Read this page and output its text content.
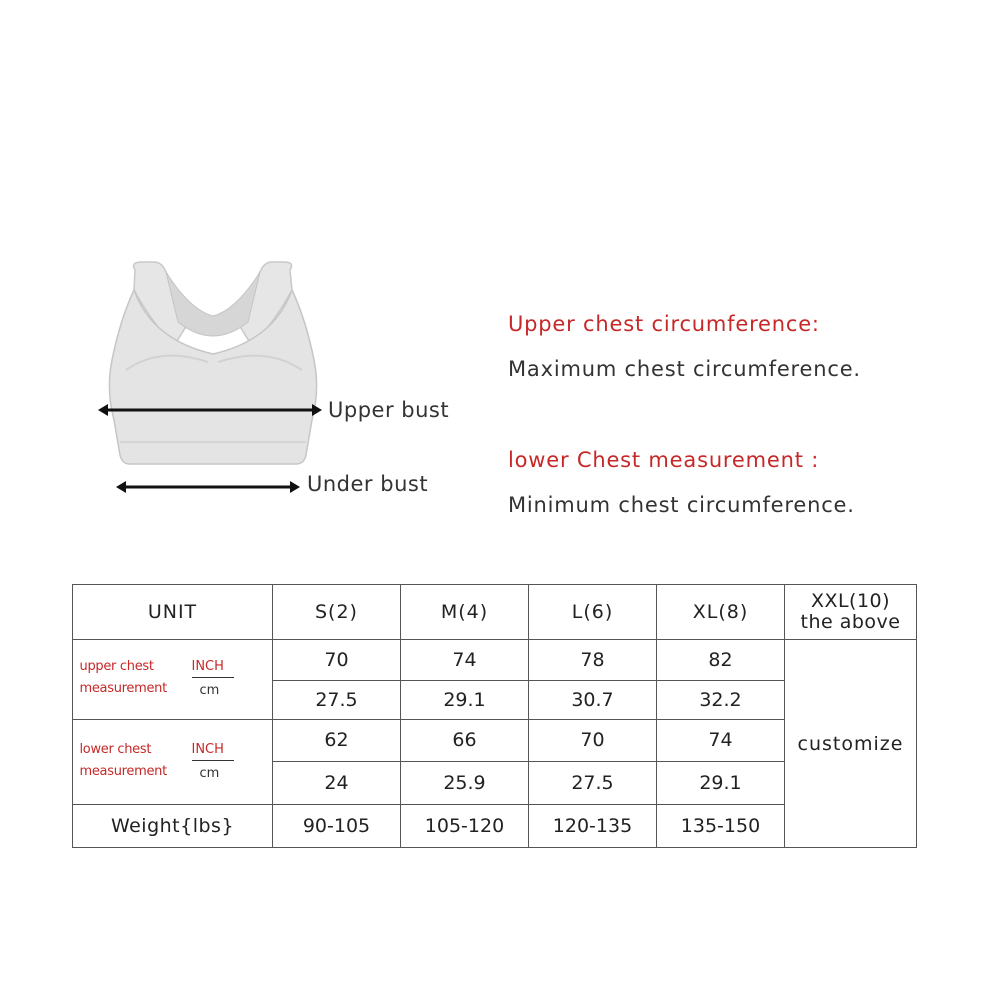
Upper bust
Under bust
Upper chest circumference:
Maximum chest circumference.
lower Chest measurement :
Minimum chest circumference.
UNIT	S(2)	M(4)	L(6)	XL(8)	XXL(10)
the above

upper chest
measurement
INCH
cm	70	74	78	82	customize
	27.5	29.1	30.7	32.2	

lower chest
measurement
INCH
cm	62	66	70	74	
	24	25.9	27.5	29.1	
Weight{lbs}	90-105	105-120	120-135	135-150	
